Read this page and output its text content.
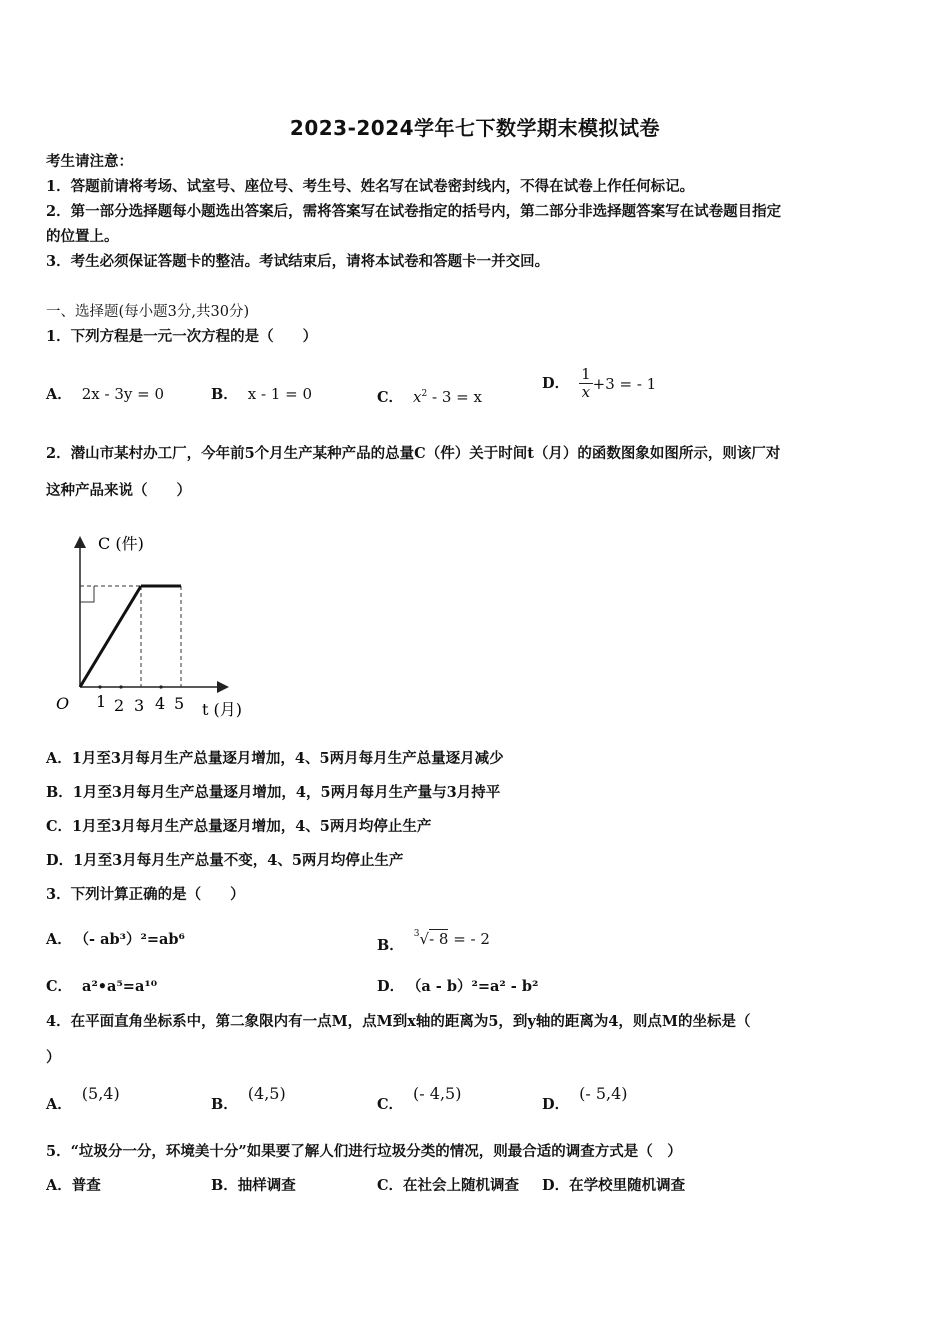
2023-2024学年七下数学期末模拟试卷
考生请注意：
1．答题前请将考场、试室号、座位号、考生号、姓名写在试卷密封线内，不得在试卷上作任何标记。
2．第一部分选择题每小题选出答案后，需将答案写在试卷指定的括号内，第二部分非选择题答案写在试卷题目指定
的位置上。
3．考生必须保证答题卡的整洁。考试结束后，请将本试卷和答题卡一并交回。
一、选择题(每小题3分,共30分)
1．下列方程是一元一次方程的是（　　）
A． 2x - 3y = 0	B． x - 1 = 0	C． $x^2 - 3 = x$
D． $\frac{1}{x} +3$ = - 1
2．潜山市某村办工厂，今年前5个月生产某种产品的总量C（件）关于时间t（月）的函数图象如图所示，则该厂对
这种产品来说（　　）
C (件)
O 1 2 3 4 5 t (月)
A．1月至3月每月生产总量逐月增加，4、5两月每月生产总量逐月减少
B．1月至3月每月生产总量逐月增加，4，5两月每月生产量与3月持平
C．1月至3月每月生产总量逐月增加，4、5两月均停止生产
D．1月至3月每月生产总量不变，4、5两月均停止生产
3．下列计算正确的是（　　）
A． （- ab³）²=ab⁶	B．$^3$√- 8 = - 2
C． a²•a⁵=a¹⁰	D． （a - b）²=a² - b²
4．在平面直角坐标系中，第二象限内有一点M，点M到x轴的距离为5，到y轴的距离为4，则点M的坐标是（
）
A．(5,4)
B．(4,5)
C．(- 4,5)
D．(- 5,4)
5．“垃圾分一分，环境美十分”如果要了解人们进行垃圾分类的情况，则最合适的调查方式是（　）
A．普查	B．抽样调查	C．在社会上随机调查 D．在学校里随机调查
